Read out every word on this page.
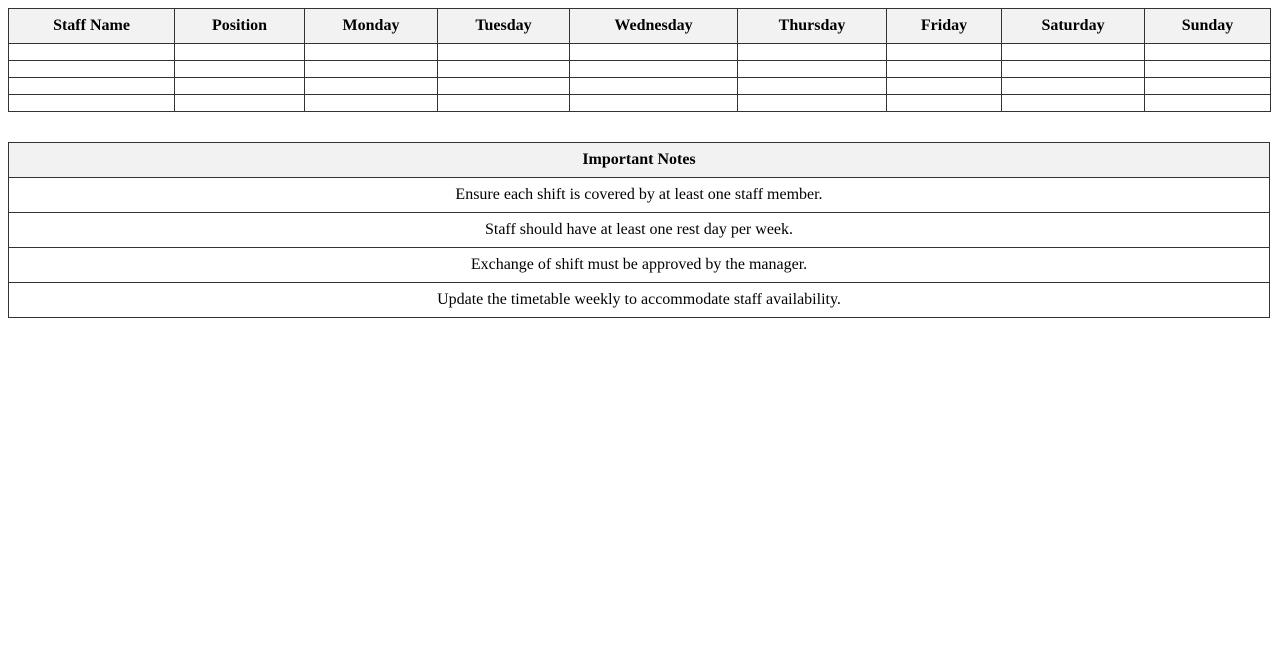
Staff Name	Position	Monday	Tuesday	Wednesday	Thursday	Friday	Saturday	Sunday

Important Notes
Ensure each shift is covered by at least one staff member.
Staff should have at least one rest day per week.
Exchange of shift must be approved by the manager.
Update the timetable weekly to accommodate staff availability.
